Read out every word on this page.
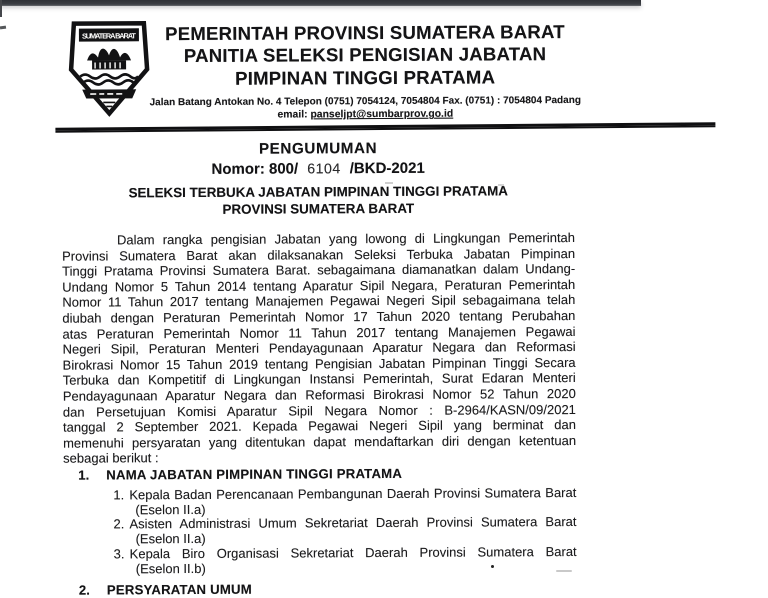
SUMATERA BARAT	PEMERINTAH PROVINSI SUMATERA BARAT
PANITIA SELEKSI PENGISIAN JABATAN
PIMPINAN TINGGI PRATAMA
Jalan Batang Antokan No. 4 Telepon (0751) 7054124, 7054804 Fax. (0751) : 7054804 Padang
email: panseljpt@sumbarprov.go.id
PENGUMUMAN
Nomor: 800/ 6104 /BKD-2021
SELEKSI TERBUKA JABATAN PIMPINAN TINGGI PRATAMA
PROVINSI SUMATERA BARAT
Dalam rangka pengisian Jabatan yang lowong di Lingkungan Pemerintah
Provinsi Sumatera Barat akan dilaksanakan Seleksi Terbuka Jabatan Pimpinan
Tinggi Pratama Provinsi Sumatera Barat. sebagaimana diamanatkan dalam Undang-
Undang Nomor 5 Tahun 2014 tentang Aparatur Sipil Negara, Peraturan Pemerintah
Nomor 11 Tahun 2017 tentang Manajemen Pegawai Negeri Sipil sebagaimana telah
diubah dengan Peraturan Pemerintah Nomor 17 Tahun 2020 tentang Perubahan
atas Peraturan Pemerintah Nomor 11 Tahun 2017 tentang Manajemen Pegawai
Negeri Sipil, Peraturan Menteri Pendayagunaan Aparatur Negara dan Reformasi
Birokrasi Nomor 15 Tahun 2019 tentang Pengisian Jabatan Pimpinan Tinggi Secara
Terbuka dan Kompetitif di Lingkungan Instansi Pemerintah, Surat Edaran Menteri
Pendayagunaan Aparatur Negara dan Reformasi Birokrasi Nomor 52 Tahun 2020
dan Persetujuan Komisi Aparatur Sipil Negara Nomor : B-2964/KASN/09/2021
tanggal 2 September 2021. Kepada Pegawai Negeri Sipil yang berminat dan
memenuhi persyaratan yang ditentukan dapat mendaftarkan diri dengan ketentuan
sebagai berikut :
1.	NAMA JABATAN PIMPINAN TINGGI PRATAMA
1. Kepala Badan Perencanaan Pembangunan Daerah Provinsi Sumatera Barat
(Eselon II.a)
2. Asisten Administrasi Umum Sekretariat Daerah Provinsi Sumatera Barat
(Eselon II.a)
3. Kepala Biro Organisasi Sekretariat Daerah Provinsi Sumatera Barat
(Eselon II.b)
2.	PERSYARATAN UMUM
